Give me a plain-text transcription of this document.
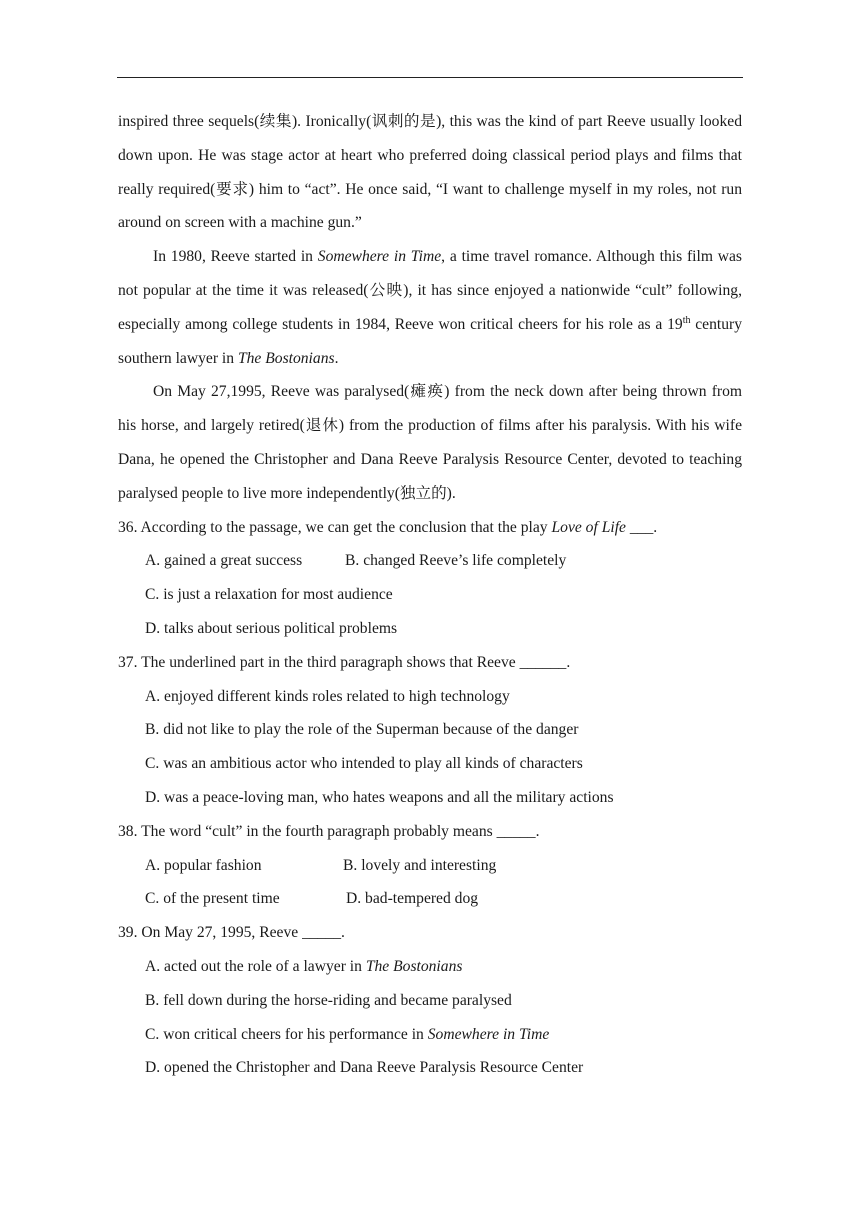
inspired three sequels(续集). Ironically(讽刺的是), this was the kind of part Reeve usually looked down upon. He was stage actor at heart who preferred doing classical period plays and films that really required(要求) him to “act”. He once said, “I want to challenge myself in my roles, not run around on screen with a machine gun.”

In 1980, Reeve started in Somewhere in Time, a time travel romance. Although this film was not popular at the time it was released(公映), it has since enjoyed a nationwide “cult” following, especially among college students in 1984, Reeve won critical cheers for his role as a 19th century southern lawyer in The Bostonians.

On May 27,1995, Reeve was paralysed(瘫痪) from the neck down after being thrown from his horse, and largely retired(退休) from the production of films after his paralysis. With his wife Dana, he opened the Christopher and Dana Reeve Paralysis Resource Center, devoted to teaching paralysed people to live more independently(独立的).

36. According to the passage, we can get the conclusion that the play Love of Life ___.

A. gained a great success	B. changed Reeve’s life completely

C. is just a relaxation for most audience

D. talks about serious political problems

37. The underlined part in the third paragraph shows that Reeve ______.

A. enjoyed different kinds roles related to high technology

B. did not like to play the role of the Superman because of the danger

C. was an ambitious actor who intended to play all kinds of characters

D. was a peace-loving man, who hates weapons and all the military actions

38. The word “cult” in the fourth paragraph probably means _____.

A. popular fashion	B. lovely and interesting
C. of the present time	D. bad-tempered dog

39. On May 27, 1995, Reeve _____.

A. acted out the role of a lawyer in The Bostonians

B. fell down during the horse-riding and became paralysed

C. won critical cheers for his performance in Somewhere in Time

D. opened the Christopher and Dana Reeve Paralysis Resource Center
